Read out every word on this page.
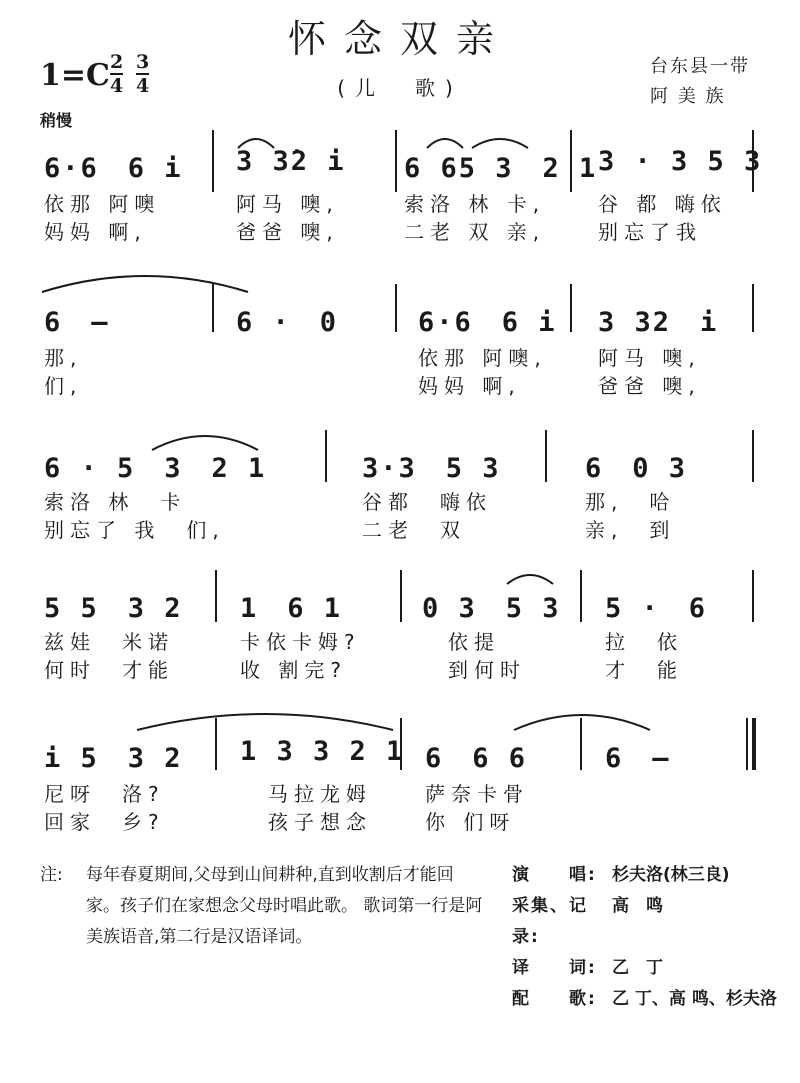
怀念双亲
(儿　歌)
1=C 2
4
3
4
台东县一带
阿 美 族
稍慢
6·6　6 i 3 3̇2 i 6 65 3　2 1 3 · 3 5 3
依那 阿噢	阿马 噢,	索洛 林 卡,	谷 都 嗨依
妈妈 啊,	爸爸 噢,	二老 双 亲,	别忘了我
6　–	6 ·　0	6·6　6 i 3 32　i
那,	依那 阿噢,	阿马 噢,
们,	妈妈 啊,	爸爸 噢,
6 · 5　3　2 1	3·3　5 3	6　0 3
索洛 林　卡	谷都　嗨依	那,　哈
别忘了 我　们,	二老　双	亲,　到
5 5　3 2 1　6 1	0 3　5 3 5 ·　6
兹娃　米诺	卡依卡姆?	依提	拉　依
何时　才能	收 割完?	到何时	才　能
i 5　3 2 1 3 3 2 1 6　6 6	6　–
尼呀　洛?	马拉龙姆	萨奈卡骨
回家　乡?	孩子想念	你 们呀
注: 每年春夏期间,父母到山间耕种,直到收割后才能回家。孩子们在家想念父母时唱此歌。 歌词第一行是阿美族语音,第二行是汉语译词。
演　　唱: 杉夫洛(林三良)
采集、记录:
高　鸣
译　　词: 乙　丁
配　　歌: 乙 丁、高 鸣、杉夫洛
